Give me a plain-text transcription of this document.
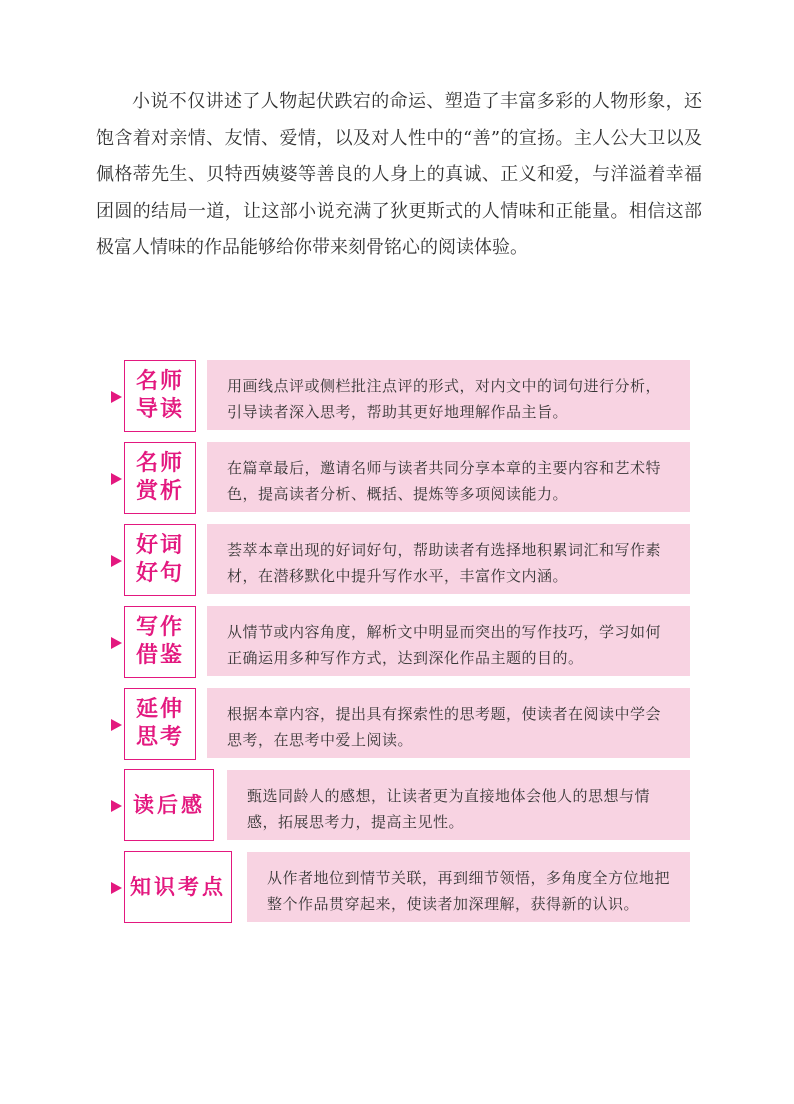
小说不仅讲述了人物起伏跌宕的命运、塑造了丰富多彩的人物形象，还饱含着对亲情、友情、爱情，以及对人性中的“善”的宣扬。主人公大卫以及佩格蒂先生、贝特西姨婆等善良的人身上的真诚、正义和爱，与洋溢着幸福团圆的结局一道，让这部小说充满了狄更斯式的人情味和正能量。相信这部极富人情味的作品能够给你带来刻骨铭心的阅读体验。

名师
导读
用画线点评或侧栏批注点评的形式，对内文中的词句进行分析，引导读者深入思考，帮助其更好地理解作品主旨。
名师
赏析
在篇章最后，邀请名师与读者共同分享本章的主要内容和艺术特色，提高读者分析、概括、提炼等多项阅读能力。
好词
好句
荟萃本章出现的好词好句，帮助读者有选择地积累词汇和写作素材，在潜移默化中提升写作水平，丰富作文内涵。
写作
借鉴
从情节或内容角度，解析文中明显而突出的写作技巧，学习如何正确运用多种写作方式，达到深化作品主题的目的。
延伸
思考
根据本章内容，提出具有探索性的思考题，使读者在阅读中学会思考，在思考中爱上阅读。
读后感	甄选同龄人的感想，让读者更为直接地体会他人的思想与情感，拓展思考力，提高主见性。
知识考点	从作者地位到情节关联，再到细节领悟，多角度全方位地把整个作品贯穿起来，使读者加深理解，获得新的认识。
